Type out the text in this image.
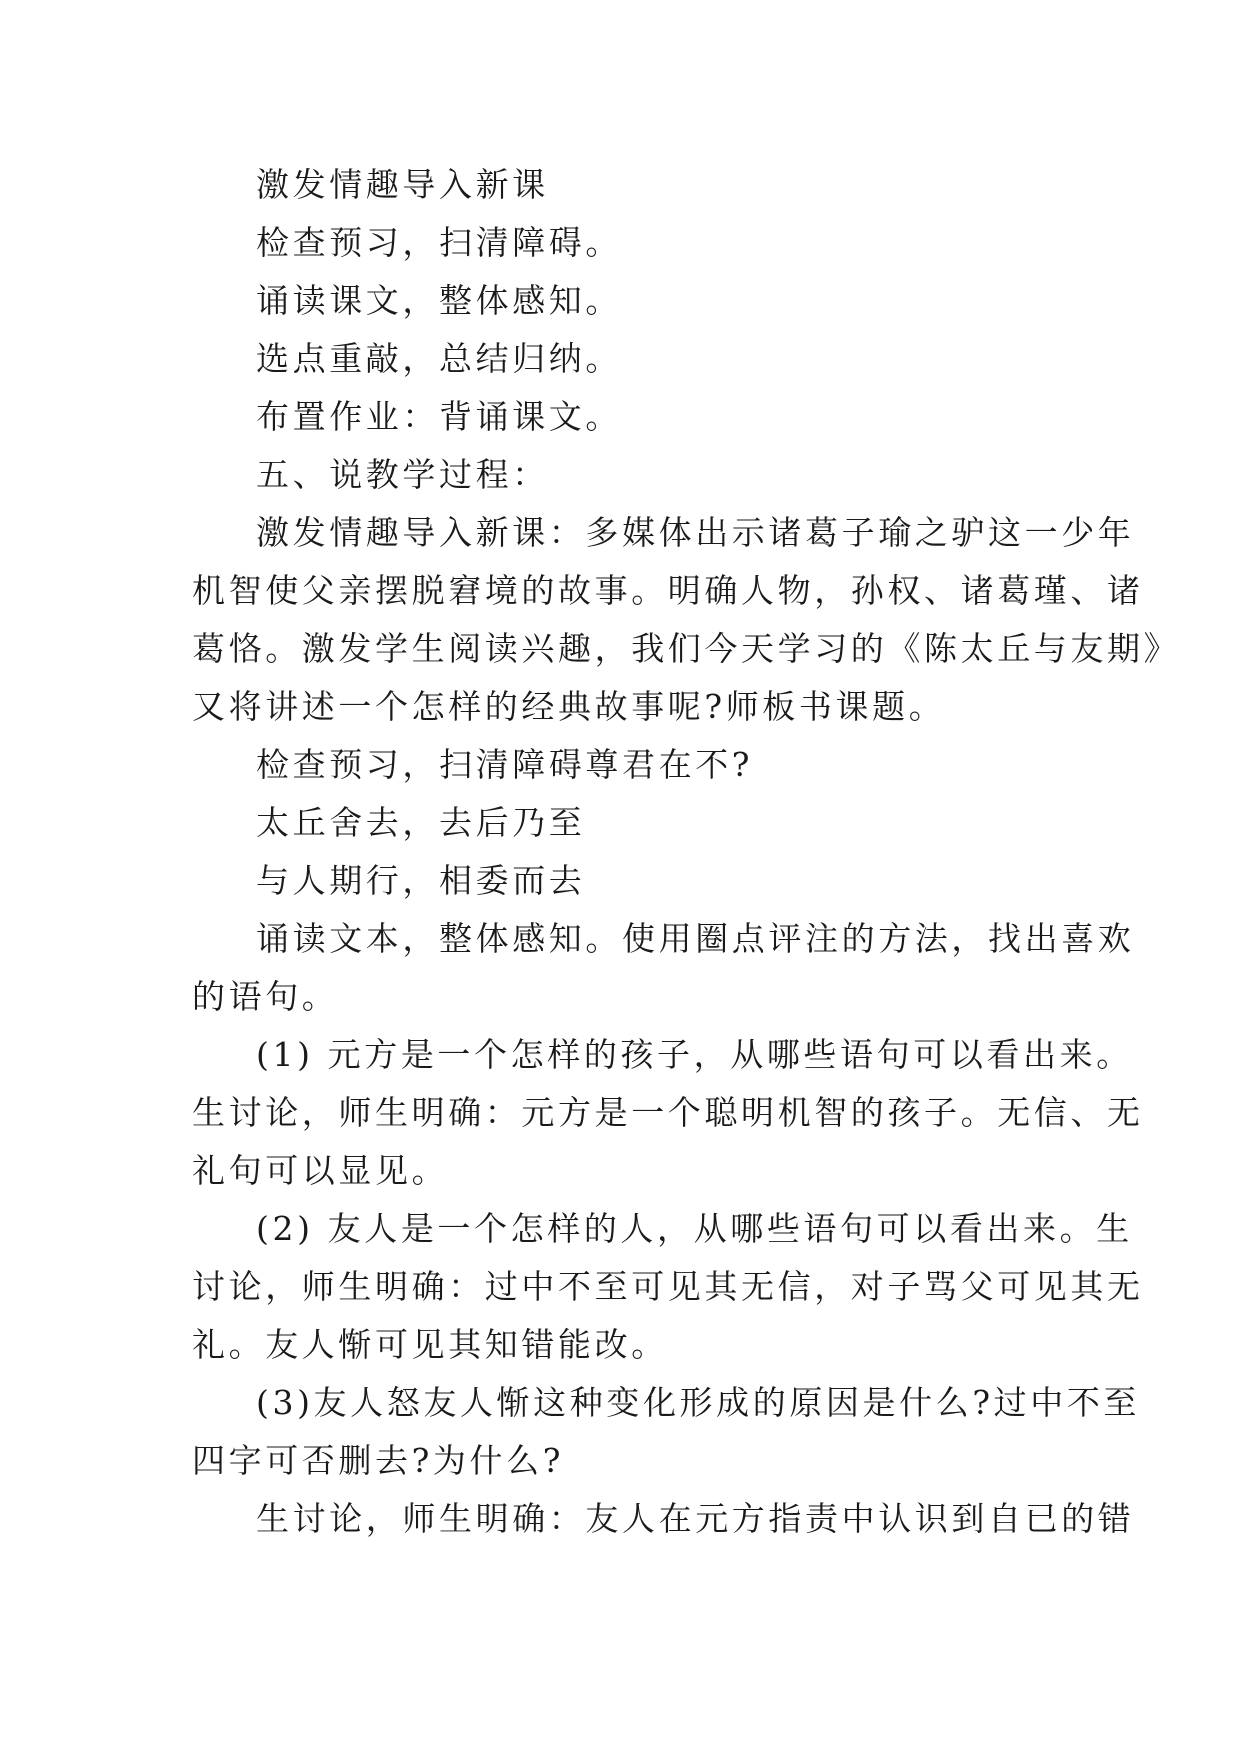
激发情趣导入新课

检查预习，扫清障碍。

诵读课文，整体感知。

选点重敲，总结归纳。

布置作业：背诵课文。

五、说教学过程：

激发情趣导入新课：多媒体出示诸葛子瑜之驴这一少年

机智使父亲摆脱窘境的故事。明确人物，孙权、诸葛瑾、诸

葛恪。激发学生阅读兴趣，我们今天学习的《陈太丘与友期》

又将讲述一个怎样的经典故事呢?师板书课题。

检查预习，扫清障碍尊君在不?

太丘舍去，去后乃至

与人期行，相委而去

诵读文本，整体感知。使用圈点评注的方法，找出喜欢

的语句。

(1) 元方是一个怎样的孩子，从哪些语句可以看出来。

生讨论，师生明确：元方是一个聪明机智的孩子。无信、无

礼句可以显见。

(2) 友人是一个怎样的人，从哪些语句可以看出来。生

讨论，师生明确：过中不至可见其无信，对子骂父可见其无

礼。友人惭可见其知错能改。

(3)友人怒友人惭这种变化形成的原因是什么?过中不至

四字可否删去?为什么?

生讨论，师生明确：友人在元方指责中认识到自已的错
